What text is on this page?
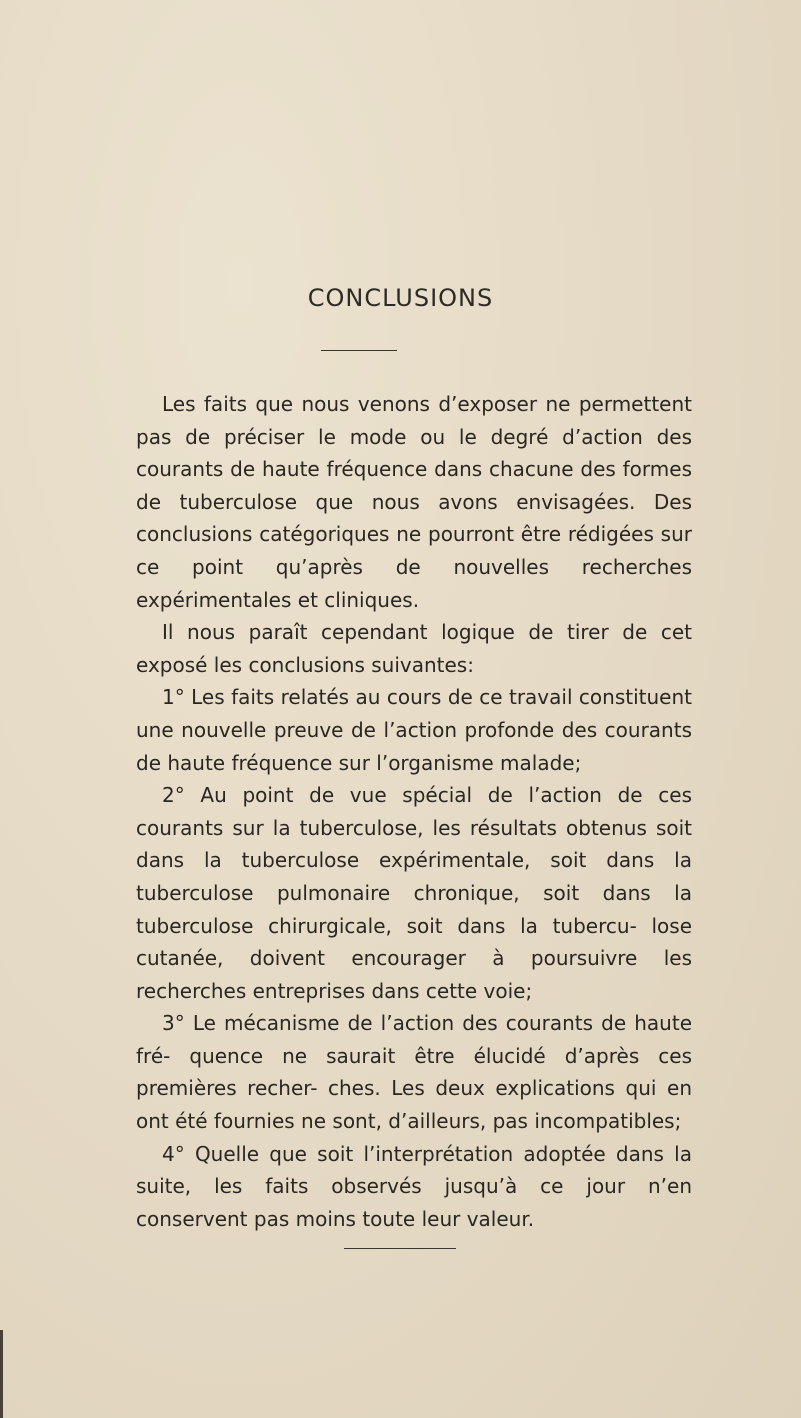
CONCLUSIONS

Les faits que nous venons d’exposer ne permettent pas de préciser le mode ou le degré d’action des courants de haute fréquence dans chacune des formes de tuberculose que nous avons envisagées. Des conclusions catégoriques ne pourront être rédigées sur ce point qu’après de nouvelles recherches expérimentales et cliniques.

Il nous paraît cependant logique de tirer de cet exposé les conclusions suivantes:

1° Les faits relatés au cours de ce travail constituent une nouvelle preuve de l’action profonde des courants de haute fréquence sur l’organisme malade;

2° Au point de vue spécial de l’action de ces courants sur la tuberculose, les résultats obtenus soit dans la tuberculose expérimentale, soit dans la tuberculose pulmonaire chronique, soit dans la tuberculose chirurgicale, soit dans la tubercu- lose cutanée, doivent encourager à poursuivre les recherches entreprises dans cette voie;

3° Le mécanisme de l’action des courants de haute fré- quence ne saurait être élucidé d’après ces premières recher- ches. Les deux explications qui en ont été fournies ne sont, d’ailleurs, pas incompatibles;

4° Quelle que soit l’interprétation adoptée dans la suite, les faits observés jusqu’à ce jour n’en conservent pas moins toute leur valeur.
